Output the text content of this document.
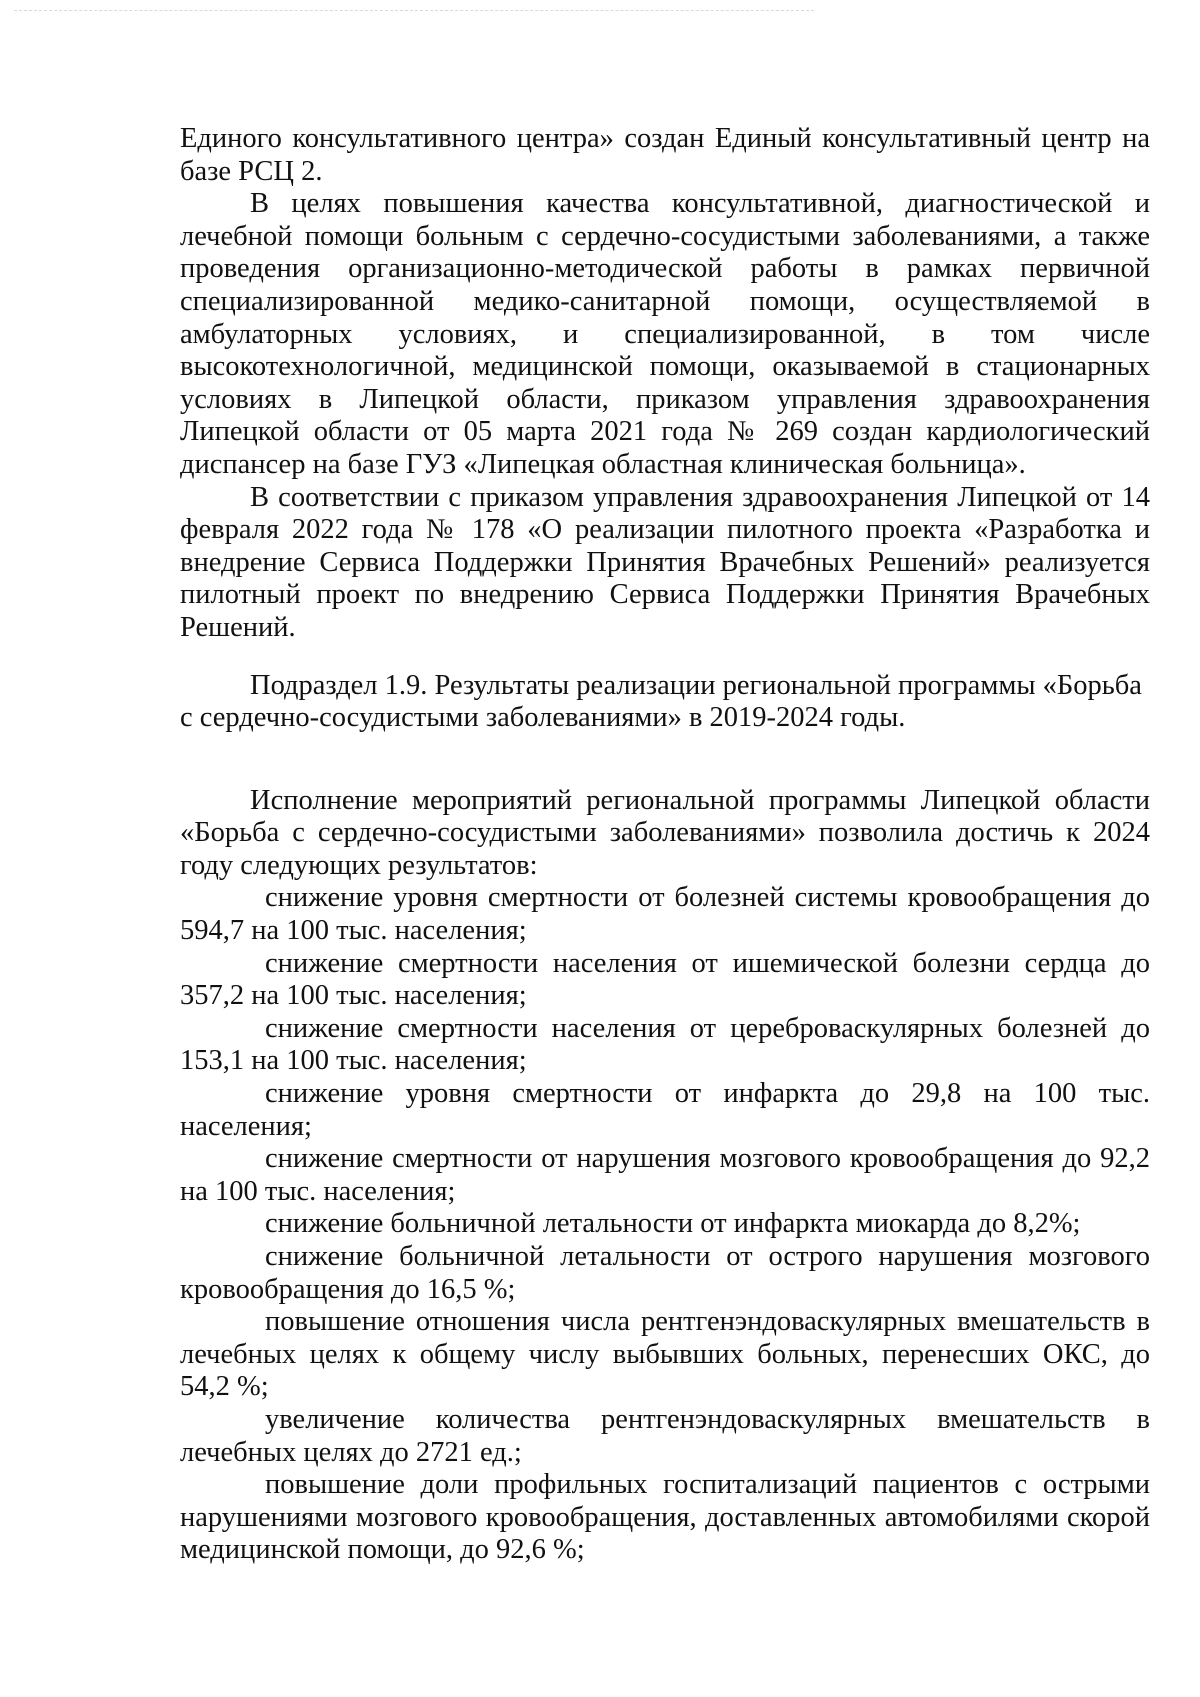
Единого консультативного центра» создан Единый консультативный центр на базе РСЦ 2.

В целях повышения качества консультативной, диагностической и лечебной помощи больным с сердечно-сосудистыми заболеваниями, а также проведения организационно-методической работы в рамках первичной специализированной медико-санитарной помощи, осуществляемой в амбулаторных условиях, и специализированной, в том числе высокотехнологичной, медицинской помощи, оказываемой в стационарных условиях в Липецкой области, приказом управления здравоохранения Липецкой области от 05 марта 2021 года № 269 создан кардиологический диспансер на базе ГУЗ «Липецкая областная клиническая больница».

В соответствии с приказом управления здравоохранения Липецкой от 14 февраля 2022 года № 178 «О реализации пилотного проекта «Разработка и внедрение Сервиса Поддержки Принятия Врачебных Решений» реализуется пилотный проект по внедрению Сервиса Поддержки Принятия Врачебных Решений.

Подраздел 1.9. Результаты реализации региональной программы «Борьба с сердечно-сосудистыми заболеваниями» в 2019-2024 годы.

Исполнение мероприятий региональной программы Липецкой области «Борьба с сердечно-сосудистыми заболеваниями» позволила достичь к 2024 году следующих результатов:

снижение уровня смертности от болезней системы кровообращения до 594,7 на 100 тыс. населения;

снижение смертности населения от ишемической болезни сердца до 357,2 на 100 тыс. населения;

снижение смертности населения от цереброваскулярных болезней до 153,1 на 100 тыс. населения;

снижение уровня смертности от инфаркта до 29,8 на 100 тыс. населения;

снижение смертности от нарушения мозгового кровообращения до 92,2 на 100 тыс. населения;

снижение больничной летальности от инфаркта миокарда до 8,2%;

снижение больничной летальности от острого нарушения мозгового кровообращения до 16,5 %;

повышение отношения числа рентгенэндоваскулярных вмешательств в лечебных целях к общему числу выбывших больных, перенесших ОКС, до 54,2 %;

увеличение количества рентгенэндоваскулярных вмешательств в лечебных целях до 2721 ед.;

повышение доли профильных госпитализаций пациентов с острыми нарушениями мозгового кровообращения, доставленных автомобилями скорой медицинской помощи, до 92,6 %;
